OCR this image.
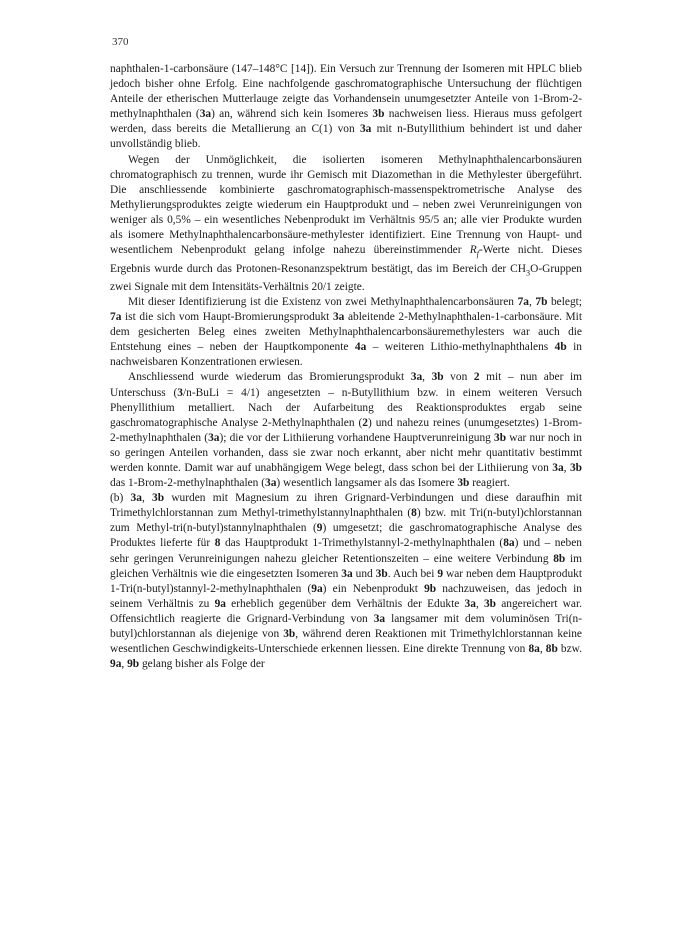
370

naphthalen-1-carbonsäure (147–148°C [14]). Ein Versuch zur Trennung der Isomeren mit HPLC blieb jedoch bisher ohne Erfolg. Eine nachfolgende gaschromatographische Untersuchung der flüchtigen Anteile der etherischen Mutterlauge zeigte das Vorhandensein unumgesetzter Anteile von 1-Brom-2-methylnaphthalen (3a) an, während sich kein Isomeres 3b nachweisen liess. Hieraus muss gefolgert werden, dass bereits die Metallierung an C(1) von 3a mit n-Butyllithium behindert ist und daher unvollständig blieb.

Wegen der Unmöglichkeit, die isolierten isomeren Methylnaphthalencarbonsäuren chromatographisch zu trennen, wurde ihr Gemisch mit Diazomethan in die Methylester übergeführt. Die anschliessende kombinierte gaschromatographisch-massenspektrometrische Analyse des Methylierungsproduktes zeigte wiederum ein Hauptprodukt und – neben zwei Verunreinigungen von weniger als 0,5% – ein wesentliches Nebenprodukt im Verhältnis 95/5 an; alle vier Produkte wurden als isomere Methylnaphthalencarbonsäure-methylester identifiziert. Eine Trennung von Haupt- und wesentlichem Nebenprodukt gelang infolge nahezu übereinstimmender $R_f$-Werte nicht. Dieses Ergebnis wurde durch das Protonen-Resonanzspektrum bestätigt, das im Bereich der $CH_3O$-Gruppen zwei Signale mit dem Intensitäts-Verhältnis 20/1 zeigte.

Mit dieser Identifizierung ist die Existenz von zwei Methylnaphthalencarbonsäuren 7a, 7b belegt; 7a ist die sich vom Haupt-Bromierungsprodukt 3a ableitende 2-Methylnaphthalen-1-carbonsäure. Mit dem gesicherten Beleg eines zweiten Methylnaphthalencarbonsäuremethylesters war auch die Entstehung eines – neben der Hauptkomponente 4a – weiteren Lithio-methylnaphthalens 4b in nachweisbaren Konzentrationen erwiesen.

Anschliessend wurde wiederum das Bromierungsprodukt 3a, 3b von 2 mit – nun aber im Unterschuss (3/n-BuLi = 4/1) angesetzten – n-Butyllithium bzw. in einem weiteren Versuch Phenyllithium metalliert. Nach der Aufarbeitung des Reaktionsproduktes ergab seine gaschromatographische Analyse 2-Methylnaphthalen (2) und nahezu reines (unumgesetztes) 1-Brom-2-methylnaphthalen (3a); die vor der Lithiierung vorhandene Hauptverunreinigung 3b war nur noch in so geringen Anteilen vorhanden, dass sie zwar noch erkannt, aber nicht mehr quantitativ bestimmt werden konnte. Damit war auf unabhängigem Wege belegt, dass schon bei der Lithiierung von 3a, 3b das 1-Brom-2-methylnaphthalen (3a) wesentlich langsamer als das Isomere 3b reagiert.

(b) 3a, 3b wurden mit Magnesium zu ihren Grignard-Verbindungen und diese daraufhin mit Trimethylchlorstannan zum Methyl-trimethylstannylnaphthalen (8) bzw. mit Tri(n-butyl)chlorstannan zum Methyl-tri(n-butyl)stannylnaphthalen (9) umgesetzt; die gaschromatographische Analyse des Produktes lieferte für 8 das Hauptprodukt 1-Trimethylstannyl-2-methylnaphthalen (8a) und – neben sehr geringen Verunreinigungen nahezu gleicher Retentionszeiten – eine weitere Verbindung 8b im gleichen Verhältnis wie die eingesetzten Isomeren 3a und 3b. Auch bei 9 war neben dem Hauptprodukt 1-Tri(n-butyl)stannyl-2-methylnaphthalen (9a) ein Nebenprodukt 9b nachzuweisen, das jedoch in seinem Verhältnis zu 9a erheblich gegenüber dem Verhältnis der Edukte 3a, 3b angereichert war. Offensichtlich reagierte die Grignard-Verbindung von 3a langsamer mit dem voluminösen Tri(n-butyl)chlorstannan als diejenige von 3b, während deren Reaktionen mit Trimethylchlorstannan keine wesentlichen Geschwindigkeits-Unterschiede erkennen liessen. Eine direkte Trennung von 8a, 8b bzw. 9a, 9b gelang bisher als Folge der
